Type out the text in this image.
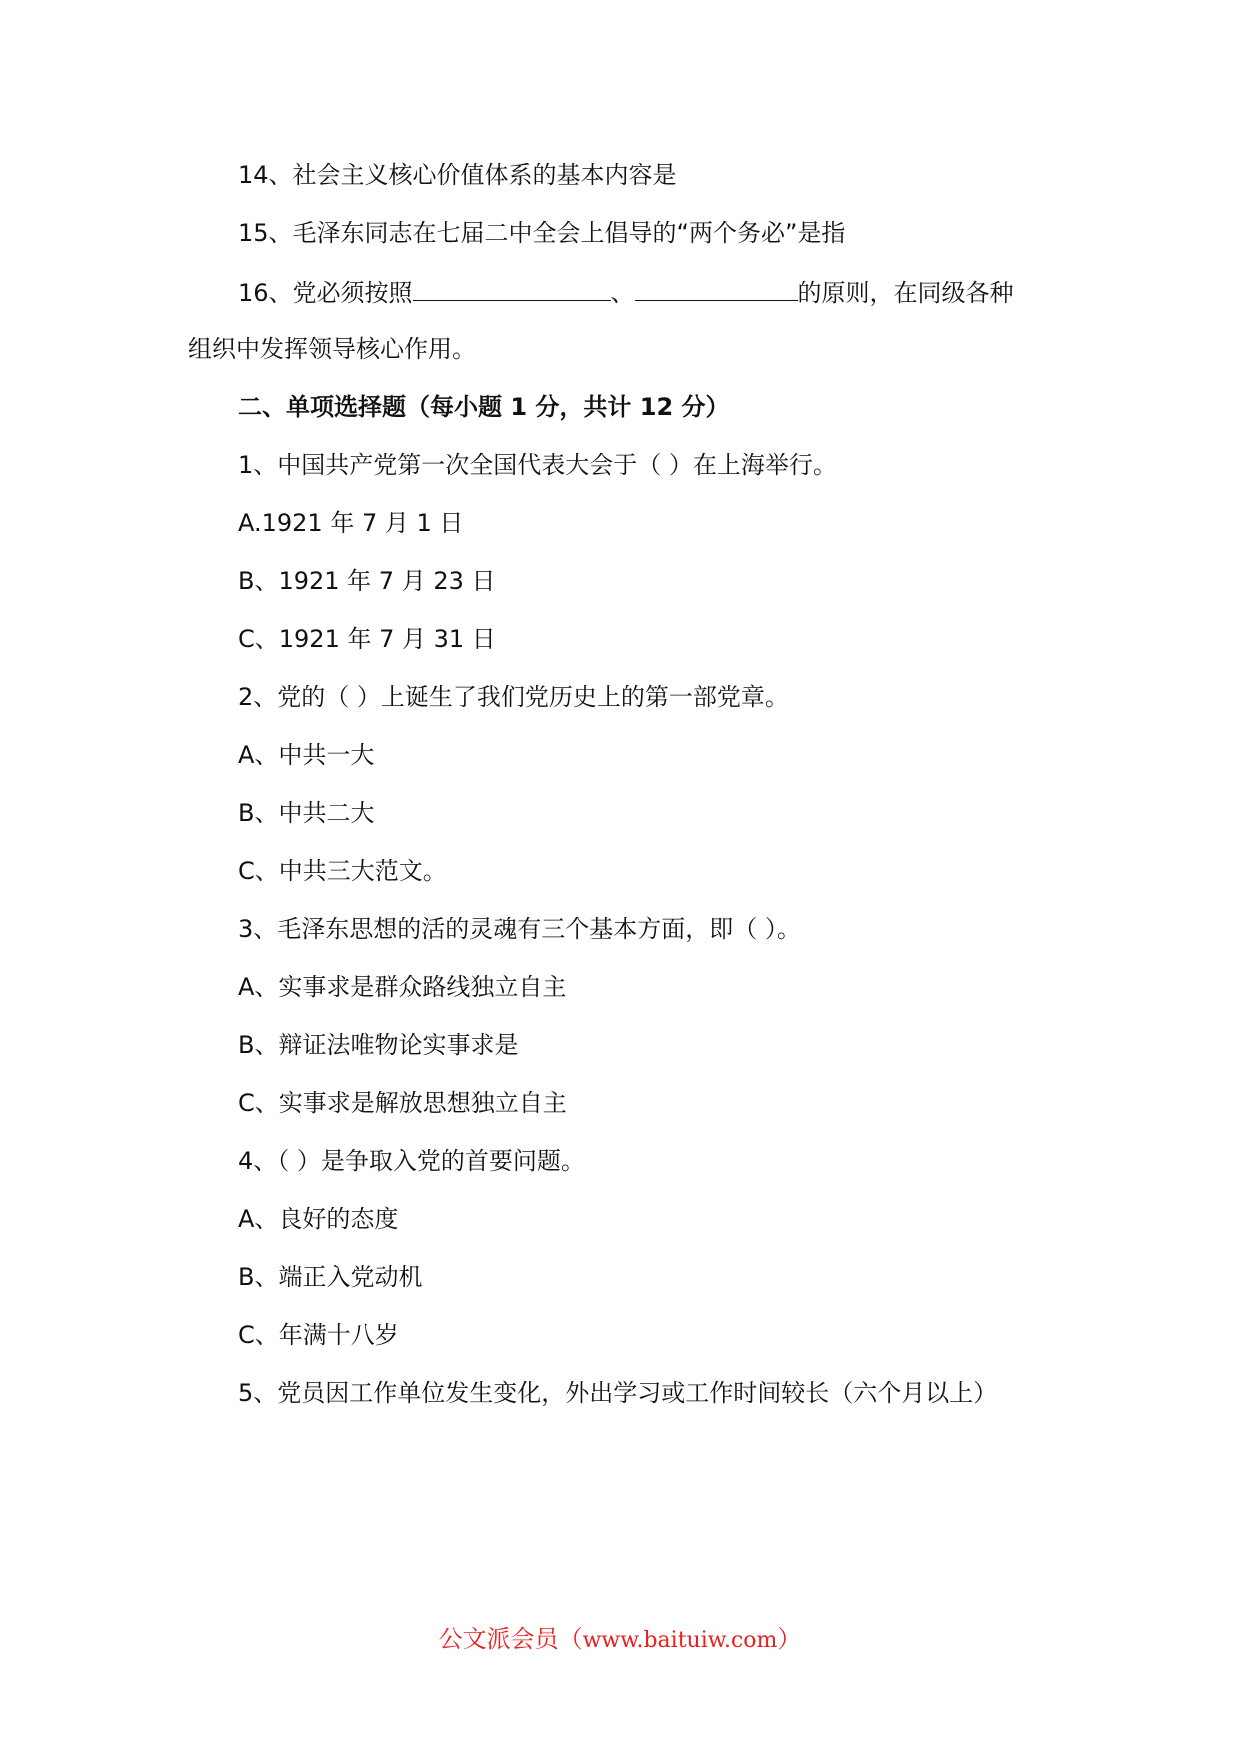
14、社会主义核心价值体系的基本内容是
15、毛泽东同志在七届二中全会上倡导的“两个务必”是指
16、党必须按照	、	的原则，在同级各种
组织中发挥领导核心作用。
二、单项选择题（每小题 1 分，共计 12 分）
1、中国共产党第一次全国代表大会于（ ）在上海举行。
A.1921 年 7 月 1 日
B、1921 年 7 月 23 日
C、1921 年 7 月 31 日
2、党的（ ）上诞生了我们党历史上的第一部党章。
A、中共一大
B、中共二大
C、中共三大范文。
3、毛泽东思想的活的灵魂有三个基本方面，即（ ）。
A、实事求是群众路线独立自主
B、辩证法唯物论实事求是
C、实事求是解放思想独立自主
4、（ ）是争取入党的首要问题。
A、良好的态度
B、端正入党动机
C、年满十八岁
5、党员因工作单位发生变化，外出学习或工作时间较长（六个月以上）
公文派会员（www.baituiw.com）
